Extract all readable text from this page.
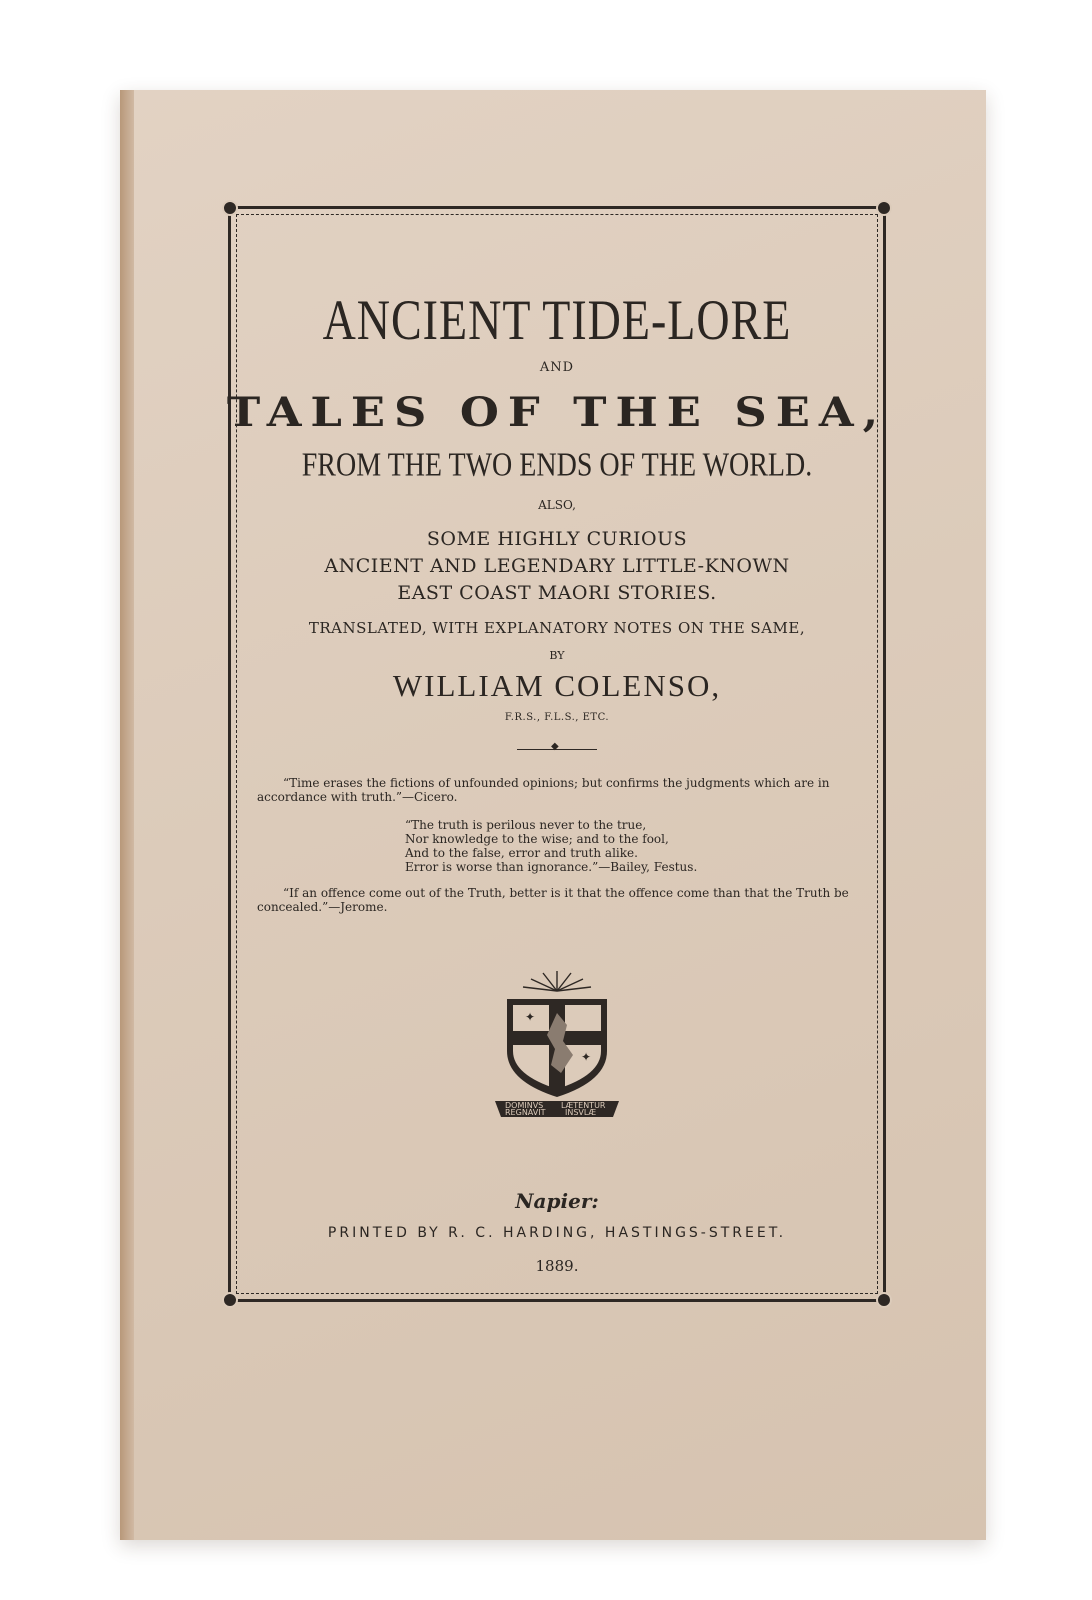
ANCIENT TIDE-LORE
AND
TALES OF THE SEA,
FROM THE TWO ENDS OF THE WORLD.
ALSO,
SOME HIGHLY CURIOUS
ANCIENT AND LEGENDARY LITTLE-KNOWN
EAST COAST MAORI STORIES.
TRANSLATED, WITH EXPLANATORY NOTES ON THE SAME,
BY
WILLIAM COLENSO,
F.R.S., F.L.S., ETC.
◆
“Time erases the fictions of unfounded opinions; but confirms the judgments which are in accordance with truth.”—Cicero.
“The truth is perilous never to the true,
Nor knowledge to the wise; and to the fool,
And to the false, error and truth alike.
Error is worse than ignorance.”—Bailey, Festus.
“If an offence come out of the Truth, better is it that the offence come than that the Truth be concealed.”—Jerome.
✦
✦
DOMINVS
REGNAVIT
LÆTENTUR
INSVLÆ
Napier:
PRINTED BY R. C. HARDING, HASTINGS-STREET.
1889.
